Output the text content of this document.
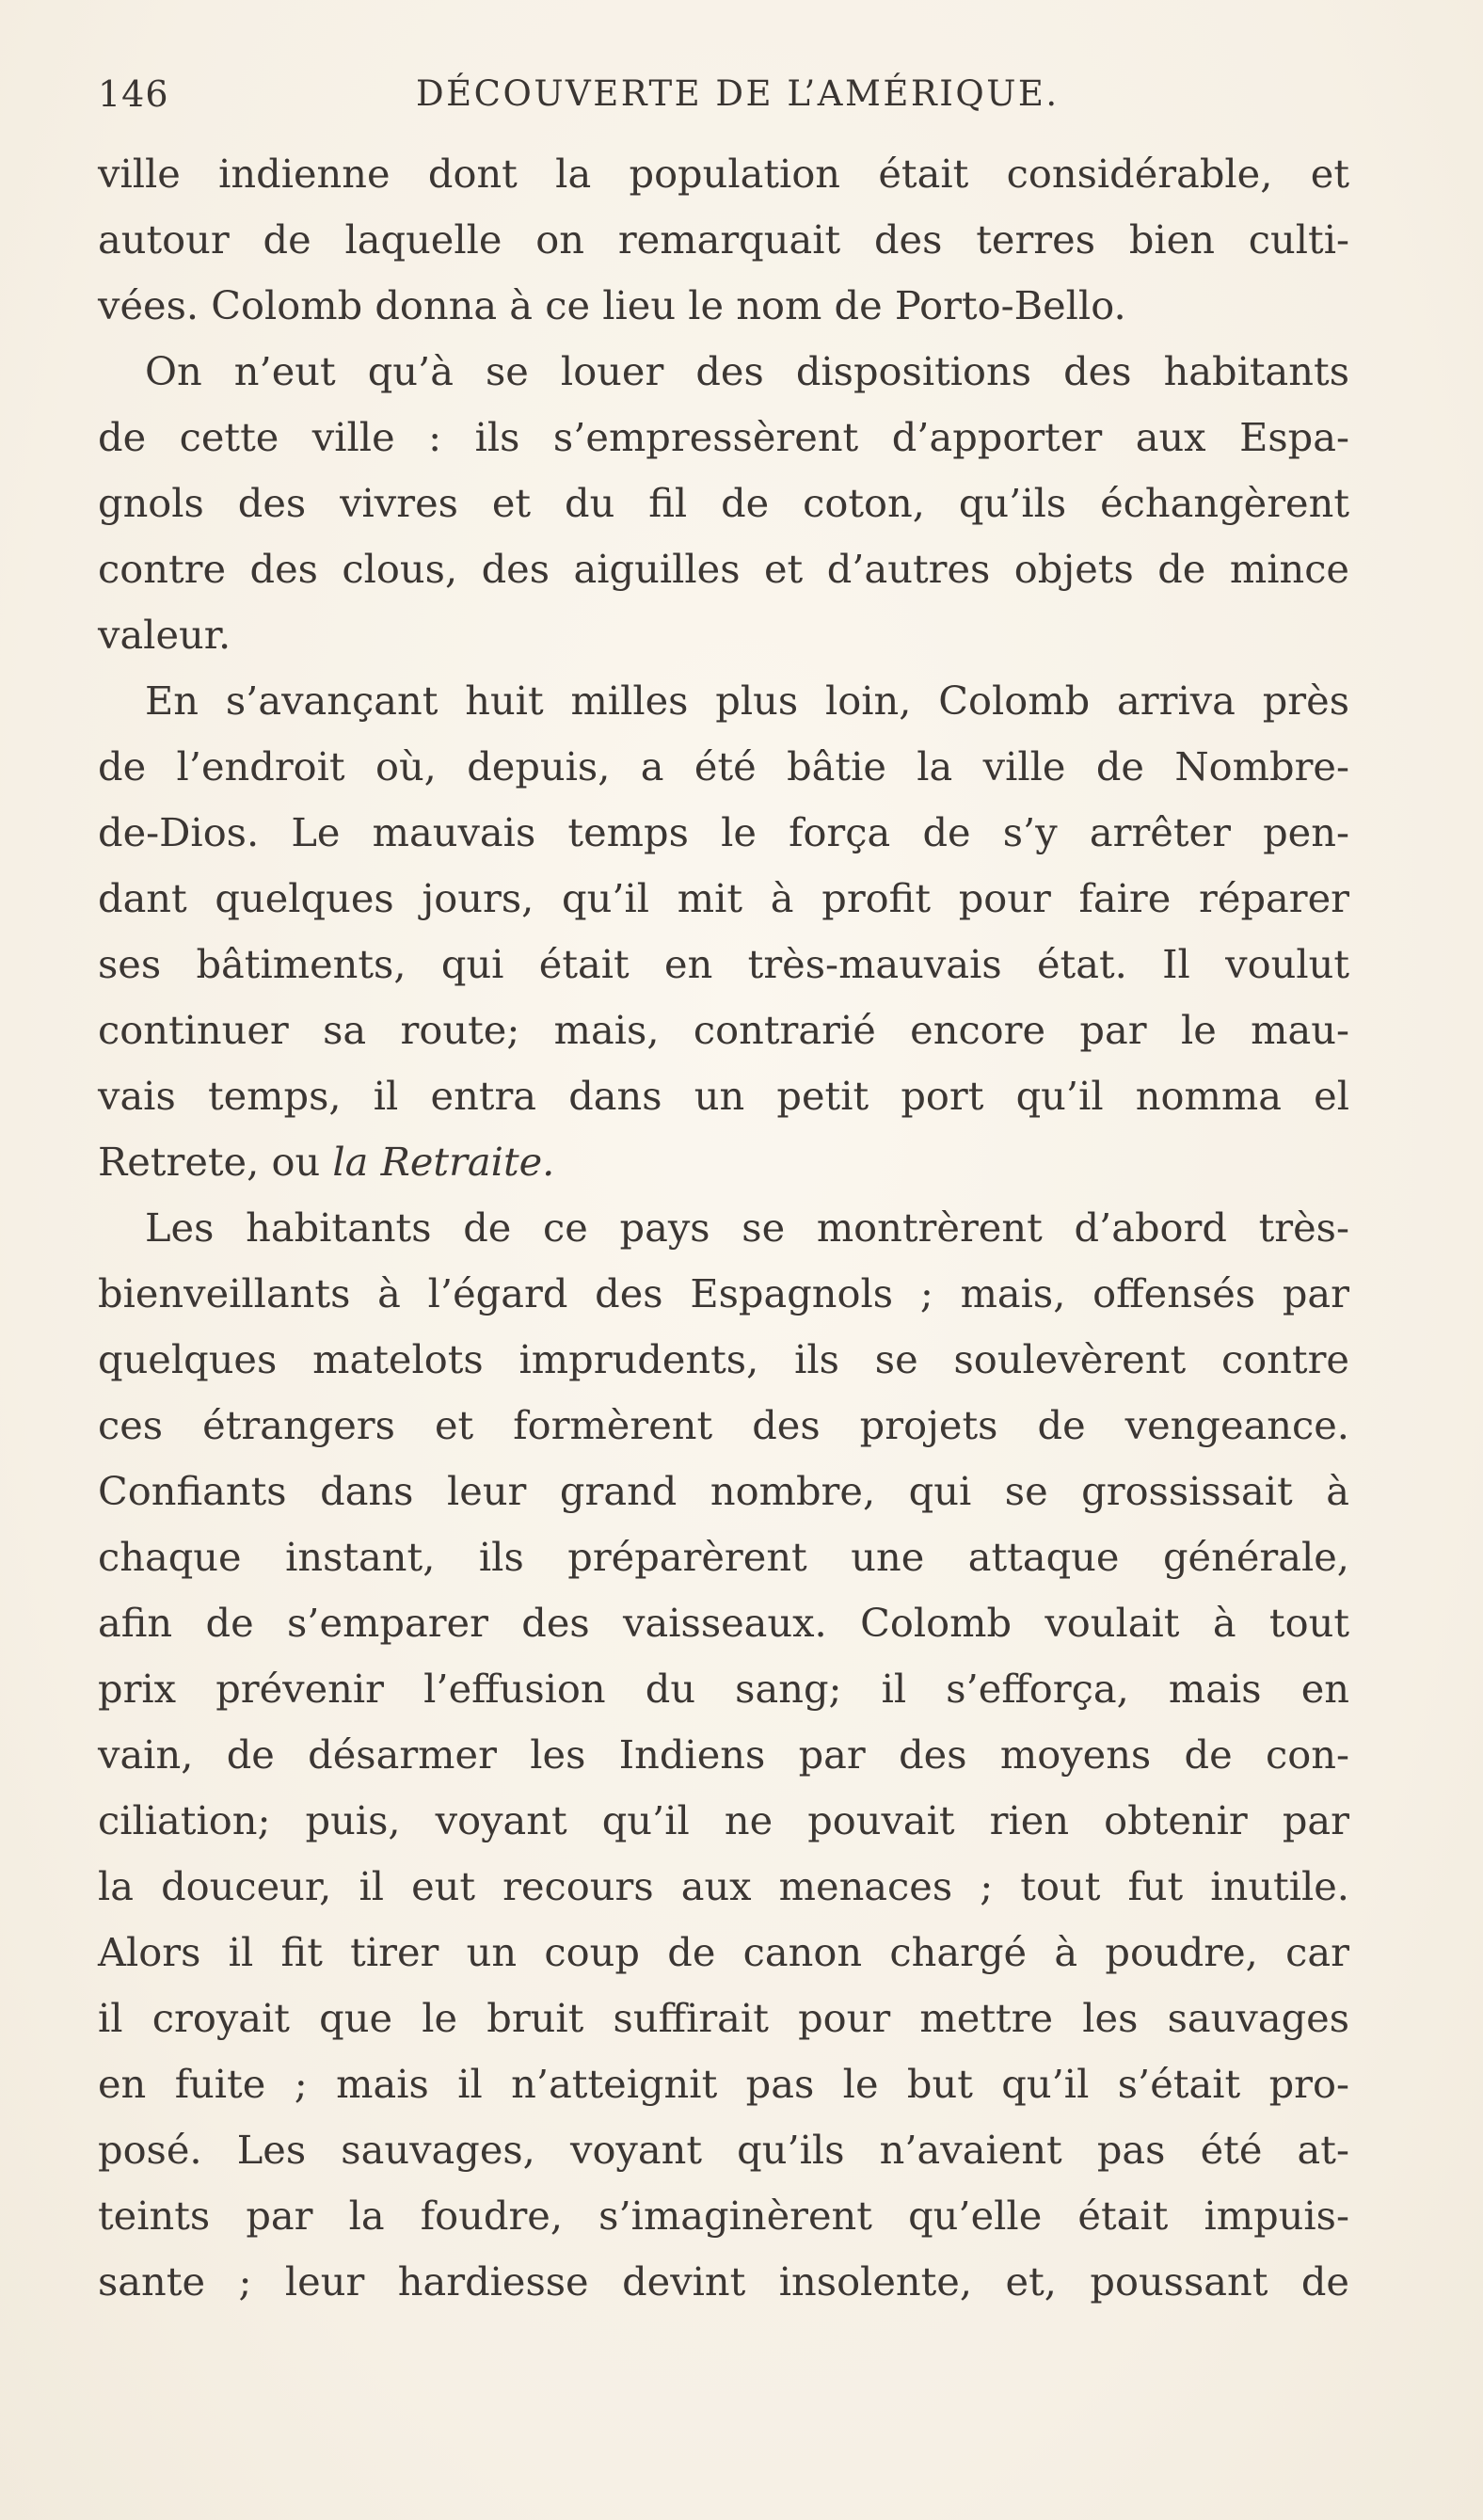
146	DÉCOUVERTE DE L’AMÉRIQUE.
ville indienne dont la population était considérable, et
autour de laquelle on remarquait des terres bien culti-
vées. Colomb donna à ce lieu le nom de Porto-Bello.
On n’eut qu’à se louer des dispositions des habitants
de cette ville : ils s’empressèrent d’apporter aux Espa-
gnols des vivres et du fil de coton, qu’ils échangèrent
contre des clous, des aiguilles et d’autres objets de mince
valeur.
En s’avançant huit milles plus loin, Colomb arriva près
de l’endroit où, depuis, a été bâtie la ville de Nombre-
de-Dios. Le mauvais temps le força de s’y arrêter pen-
dant quelques jours, qu’il mit à profit pour faire réparer
ses bâtiments, qui était en très-mauvais état. Il voulut
continuer sa route; mais, contrarié encore par le mau-
vais temps, il entra dans un petit port qu’il nomma el
Retrete, ou la Retraite.
Les habitants de ce pays se montrèrent d’abord très-
bienveillants à l’égard des Espagnols ; mais, offensés par
quelques matelots imprudents, ils se soulevèrent contre
ces étrangers et formèrent des projets de vengeance.
Confiants dans leur grand nombre, qui se grossissait à
chaque instant, ils préparèrent une attaque générale,
afin de s’emparer des vaisseaux. Colomb voulait à tout
prix prévenir l’effusion du sang; il s’efforça, mais en
vain, de désarmer les Indiens par des moyens de con-
ciliation; puis, voyant qu’il ne pouvait rien obtenir par
la douceur, il eut recours aux menaces ; tout fut inutile.
Alors il fit tirer un coup de canon chargé à poudre, car
il croyait que le bruit suffirait pour mettre les sauvages
en fuite ; mais il n’atteignit pas le but qu’il s’était pro-
posé. Les sauvages, voyant qu’ils n’avaient pas été at-
teints par la foudre, s’imaginèrent qu’elle était impuis-
sante ; leur hardiesse devint insolente, et, poussant de
